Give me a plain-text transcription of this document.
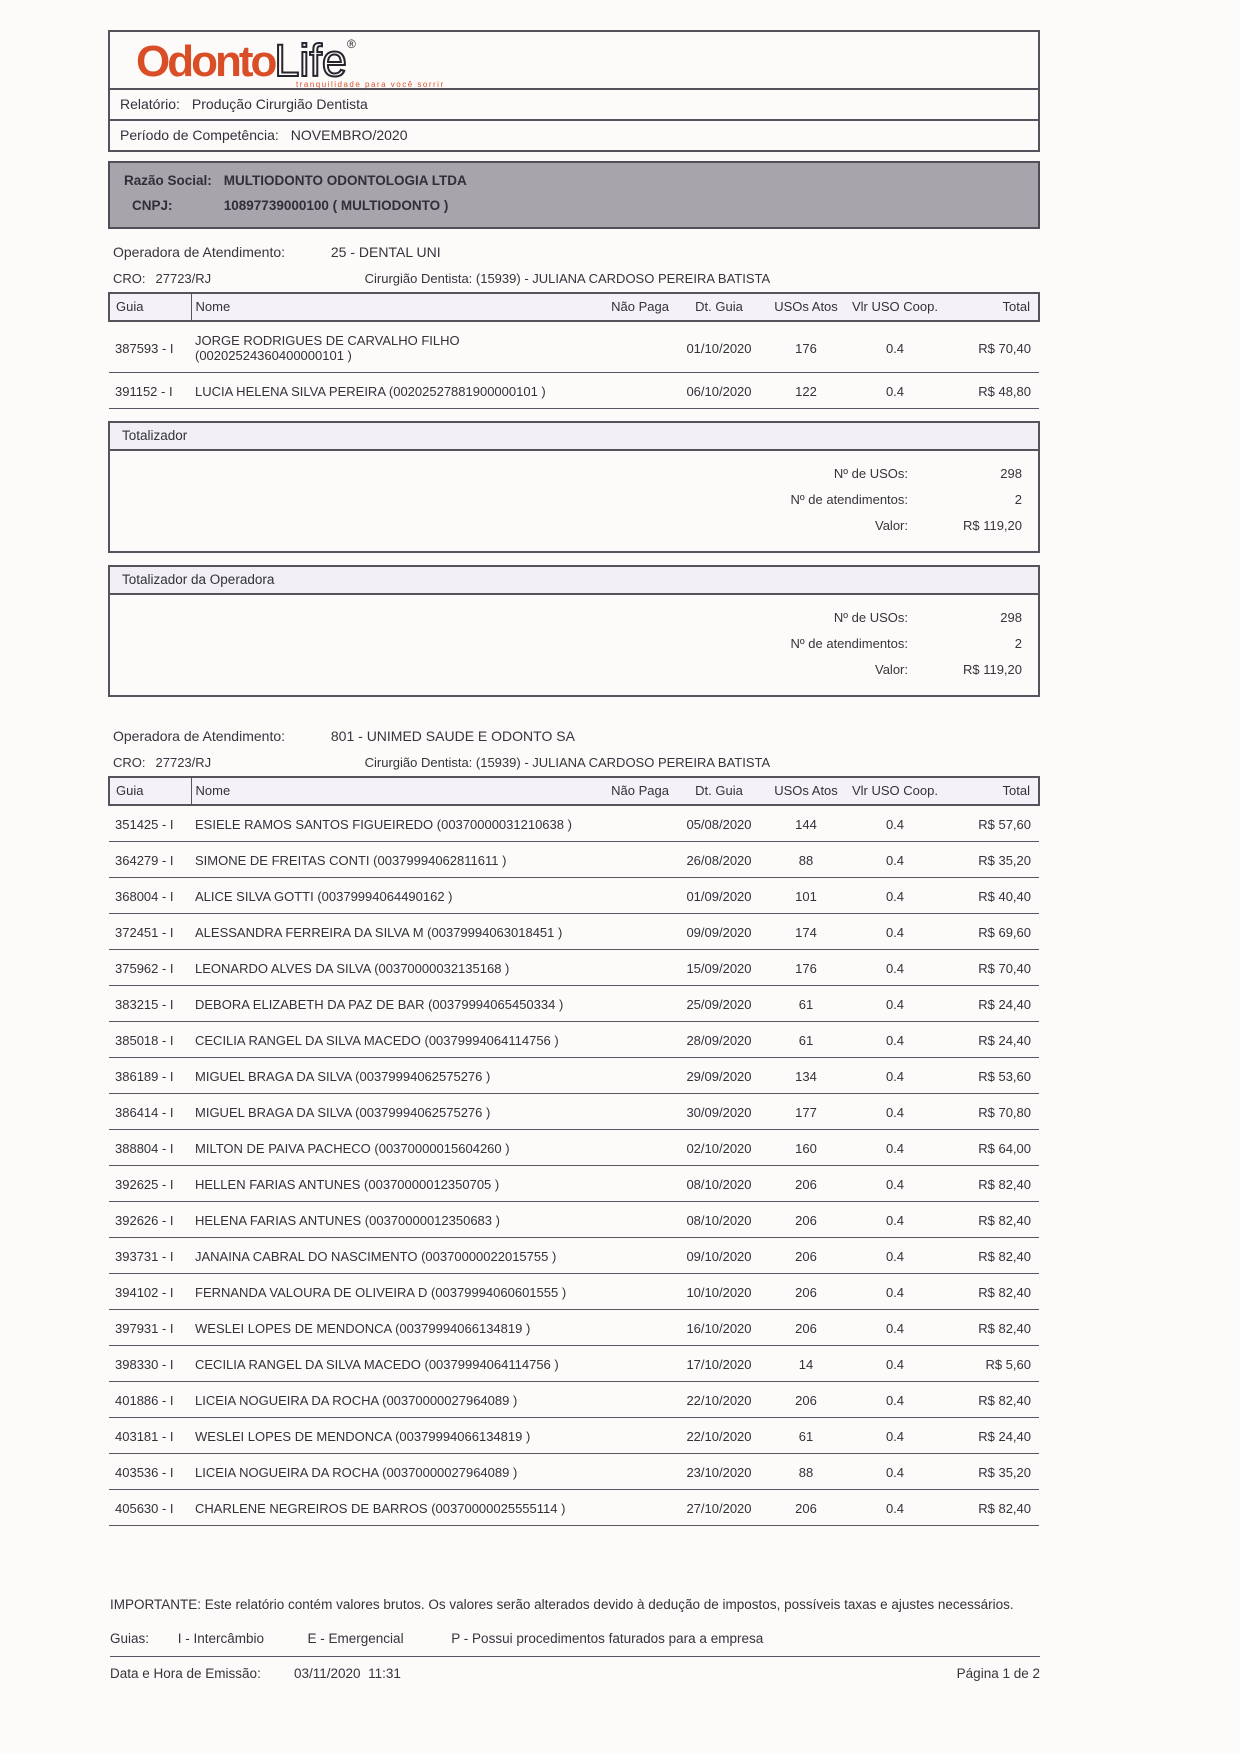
OdontoLife®
tranquilidade para você sorrir
Relatório: Produção Cirurgião Dentista
Período de Competência: NOVEMBRO/2020
Razão Social: MULTIODONTO ODONTOLOGIA LTDA
CNPJ:	10897739000100 ( MULTIODONTO )
Operadora de Atendimento:	25 - DENTAL UNI
CRO: 27723/RJ	Cirurgião Dentista: (15939) - JULIANA CARDOSO PEREIRA BATISTA
Guia	Nome	Não Paga	Dt. Guia	USOs Atos	Vlr USO Coop.	Total
387593 - I	JORGE RODRIGUES DE CARVALHO FILHO (00202524360400000101 )		01/10/2020	176	0.4	R$ 70,40
391152 - I	LUCIA HELENA SILVA PEREIRA (00202527881900000101 )		06/10/2020	122	0.4	R$ 48,80
Totalizador
Nº de USOs:	298
Nº de atendimentos:	2
Valor:	R$ 119,20
Totalizador da Operadora
Nº de USOs:	298
Nº de atendimentos:	2
Valor:	R$ 119,20
Operadora de Atendimento:	801 - UNIMED SAUDE E ODONTO SA
CRO: 27723/RJ	Cirurgião Dentista: (15939) - JULIANA CARDOSO PEREIRA BATISTA
Guia	Nome	Não Paga	Dt. Guia	USOs Atos	Vlr USO Coop.	Total
351425 - I	ESIELE RAMOS SANTOS FIGUEIREDO (00370000031210638 )		05/08/2020	144	0.4	R$ 57,60
364279 - I	SIMONE DE FREITAS CONTI (00379994062811611 )		26/08/2020	88	0.4	R$ 35,20
368004 - I	ALICE SILVA GOTTI (00379994064490162 )		01/09/2020	101	0.4	R$ 40,40
372451 - I	ALESSANDRA FERREIRA DA SILVA M (00379994063018451 )		09/09/2020	174	0.4	R$ 69,60
375962 - I	LEONARDO ALVES DA SILVA (00370000032135168 )		15/09/2020	176	0.4	R$ 70,40
383215 - I	DEBORA ELIZABETH DA PAZ DE BAR (00379994065450334 )		25/09/2020	61	0.4	R$ 24,40
385018 - I	CECILIA RANGEL DA SILVA MACEDO (00379994064114756 )		28/09/2020	61	0.4	R$ 24,40
386189 - I	MIGUEL BRAGA DA SILVA (00379994062575276 )		29/09/2020	134	0.4	R$ 53,60
386414 - I	MIGUEL BRAGA DA SILVA (00379994062575276 )		30/09/2020	177	0.4	R$ 70,80
388804 - I	MILTON DE PAIVA PACHECO (00370000015604260 )		02/10/2020	160	0.4	R$ 64,00
392625 - I	HELLEN FARIAS ANTUNES (00370000012350705 )		08/10/2020	206	0.4	R$ 82,40
392626 - I	HELENA FARIAS ANTUNES (00370000012350683 )		08/10/2020	206	0.4	R$ 82,40
393731 - I	JANAINA CABRAL DO NASCIMENTO (00370000022015755 )		09/10/2020	206	0.4	R$ 82,40
394102 - I	FERNANDA VALOURA DE OLIVEIRA D (00379994060601555 )		10/10/2020	206	0.4	R$ 82,40
397931 - I	WESLEI LOPES DE MENDONCA (00379994066134819 )		16/10/2020	206	0.4	R$ 82,40
398330 - I	CECILIA RANGEL DA SILVA MACEDO (00379994064114756 )		17/10/2020	14	0.4	R$ 5,60
401886 - I	LICEIA NOGUEIRA DA ROCHA (00370000027964089 )		22/10/2020	206	0.4	R$ 82,40
403181 - I	WESLEI LOPES DE MENDONCA (00379994066134819 )		22/10/2020	61	0.4	R$ 24,40
403536 - I	LICEIA NOGUEIRA DA ROCHA (00370000027964089 )		23/10/2020	88	0.4	R$ 35,20
405630 - I	CHARLENE NEGREIROS DE BARROS (00370000025555114 )		27/10/2020	206	0.4	R$ 82,40
IMPORTANTE: Este relatório contém valores brutos. Os valores serão alterados devido à dedução de impostos, possíveis taxas e ajustes necessários.
Guias: I - Intercâmbio	E - Emergencial	P - Possui procedimentos faturados para a empresa
Data e Hora de Emissão:	03/11/2020  11:31	Página 1 de 2
